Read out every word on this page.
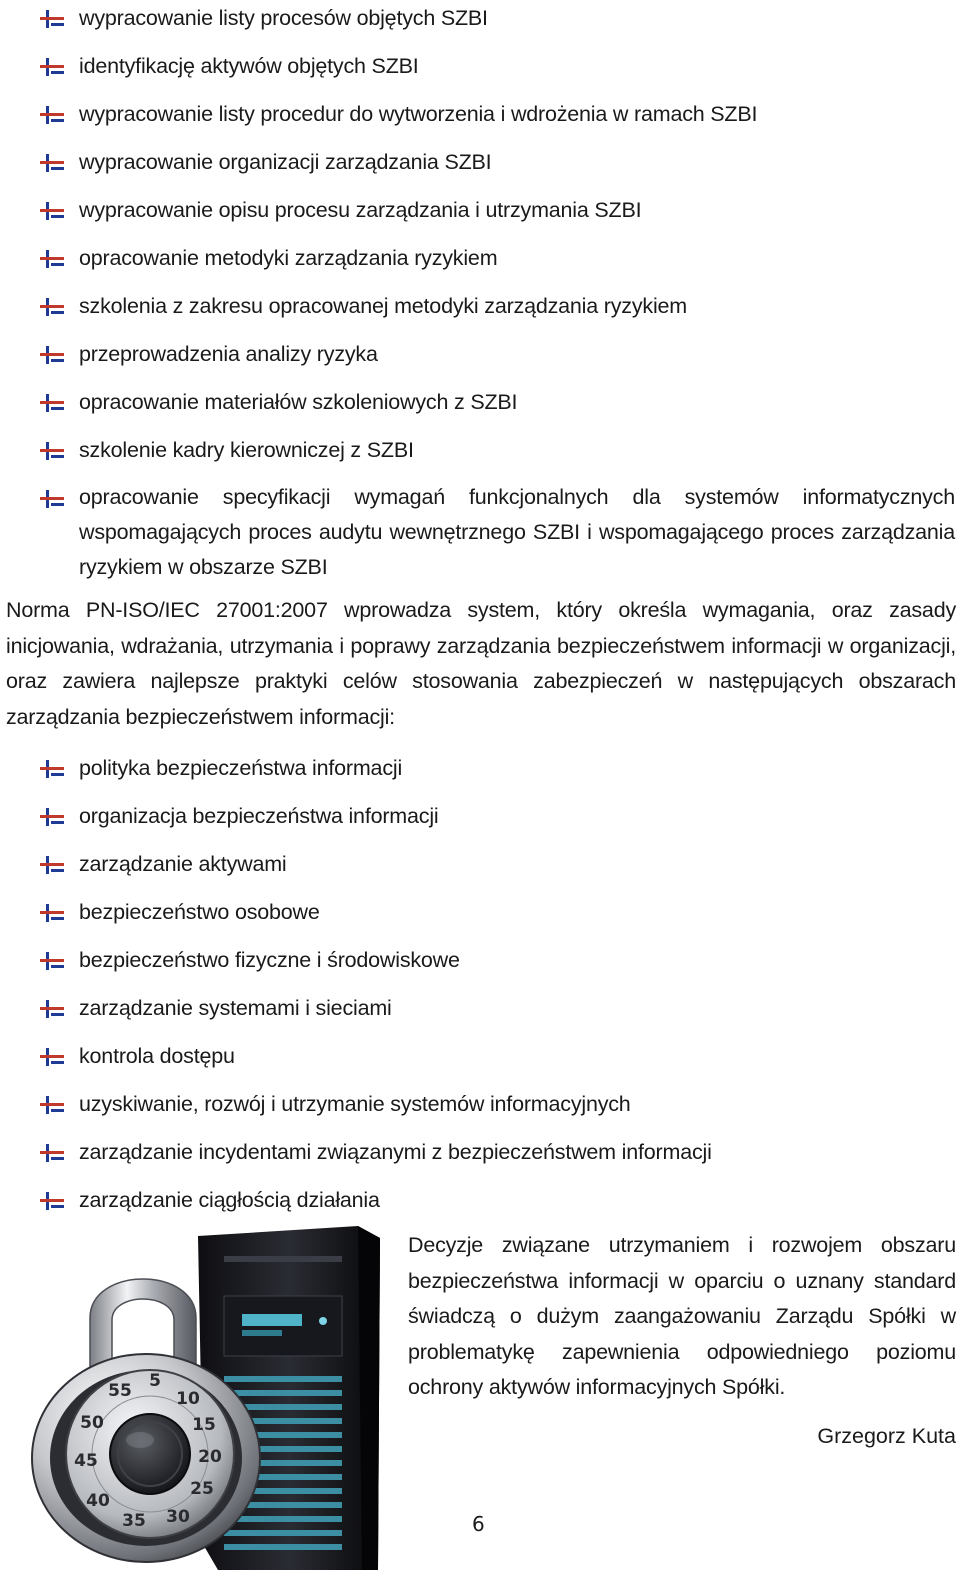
wypracowanie listy procesów objętych SZBI
identyfikację aktywów objętych SZBI
wypracowanie listy procedur do wytworzenia i wdrożenia w ramach SZBI
wypracowanie organizacji zarządzania SZBI
wypracowanie opisu procesu zarządzania i utrzymania SZBI
opracowanie metodyki zarządzania ryzykiem
szkolenia z zakresu opracowanej metodyki zarządzania ryzykiem
przeprowadzenia analizy ryzyka
opracowanie materiałów szkoleniowych z SZBI
szkolenie kadry kierowniczej z SZBI
opracowanie specyfikacji wymagań funkcjonalnych dla systemów informatycznych wspomagających proces audytu wewnętrznego SZBI i wspomagającego proces zarządzania ryzykiem w obszarze SZBI

Norma PN-ISO/IEC 27001:2007 wprowadza system, który określa wymagania, oraz zasady inicjowania, wdrażania, utrzymania i poprawy zarządzania bezpieczeństwem informacji w organizacji, oraz zawiera najlepsze praktyki celów stosowania zabezpieczeń w następujących obszarach zarządzania bezpieczeństwem informacji:

polityka bezpieczeństwa informacji
organizacja bezpieczeństwa informacji
zarządzanie aktywami
bezpieczeństwo osobowe
bezpieczeństwo fizyczne i środowiskowe
zarządzanie systemami i sieciami
kontrola dostępu
uzyskiwanie, rozwój i utrzymanie systemów informacyjnych
zarządzanie incydentami związanymi z bezpieczeństwem informacji
zarządzanie ciągłością działania
55 5
10
15
20
25
30
35
40
45
50

Decyzje związane utrzymaniem i rozwojem obszaru bezpieczeństwa informacji w oparciu o uznany standard świadczą o dużym zaangażowaniu Zarządu Spółki w problematykę zapewnienia odpowiedniego poziomu ochrony aktywów informacyjnych Spółki.

Grzegorz Kuta
6
